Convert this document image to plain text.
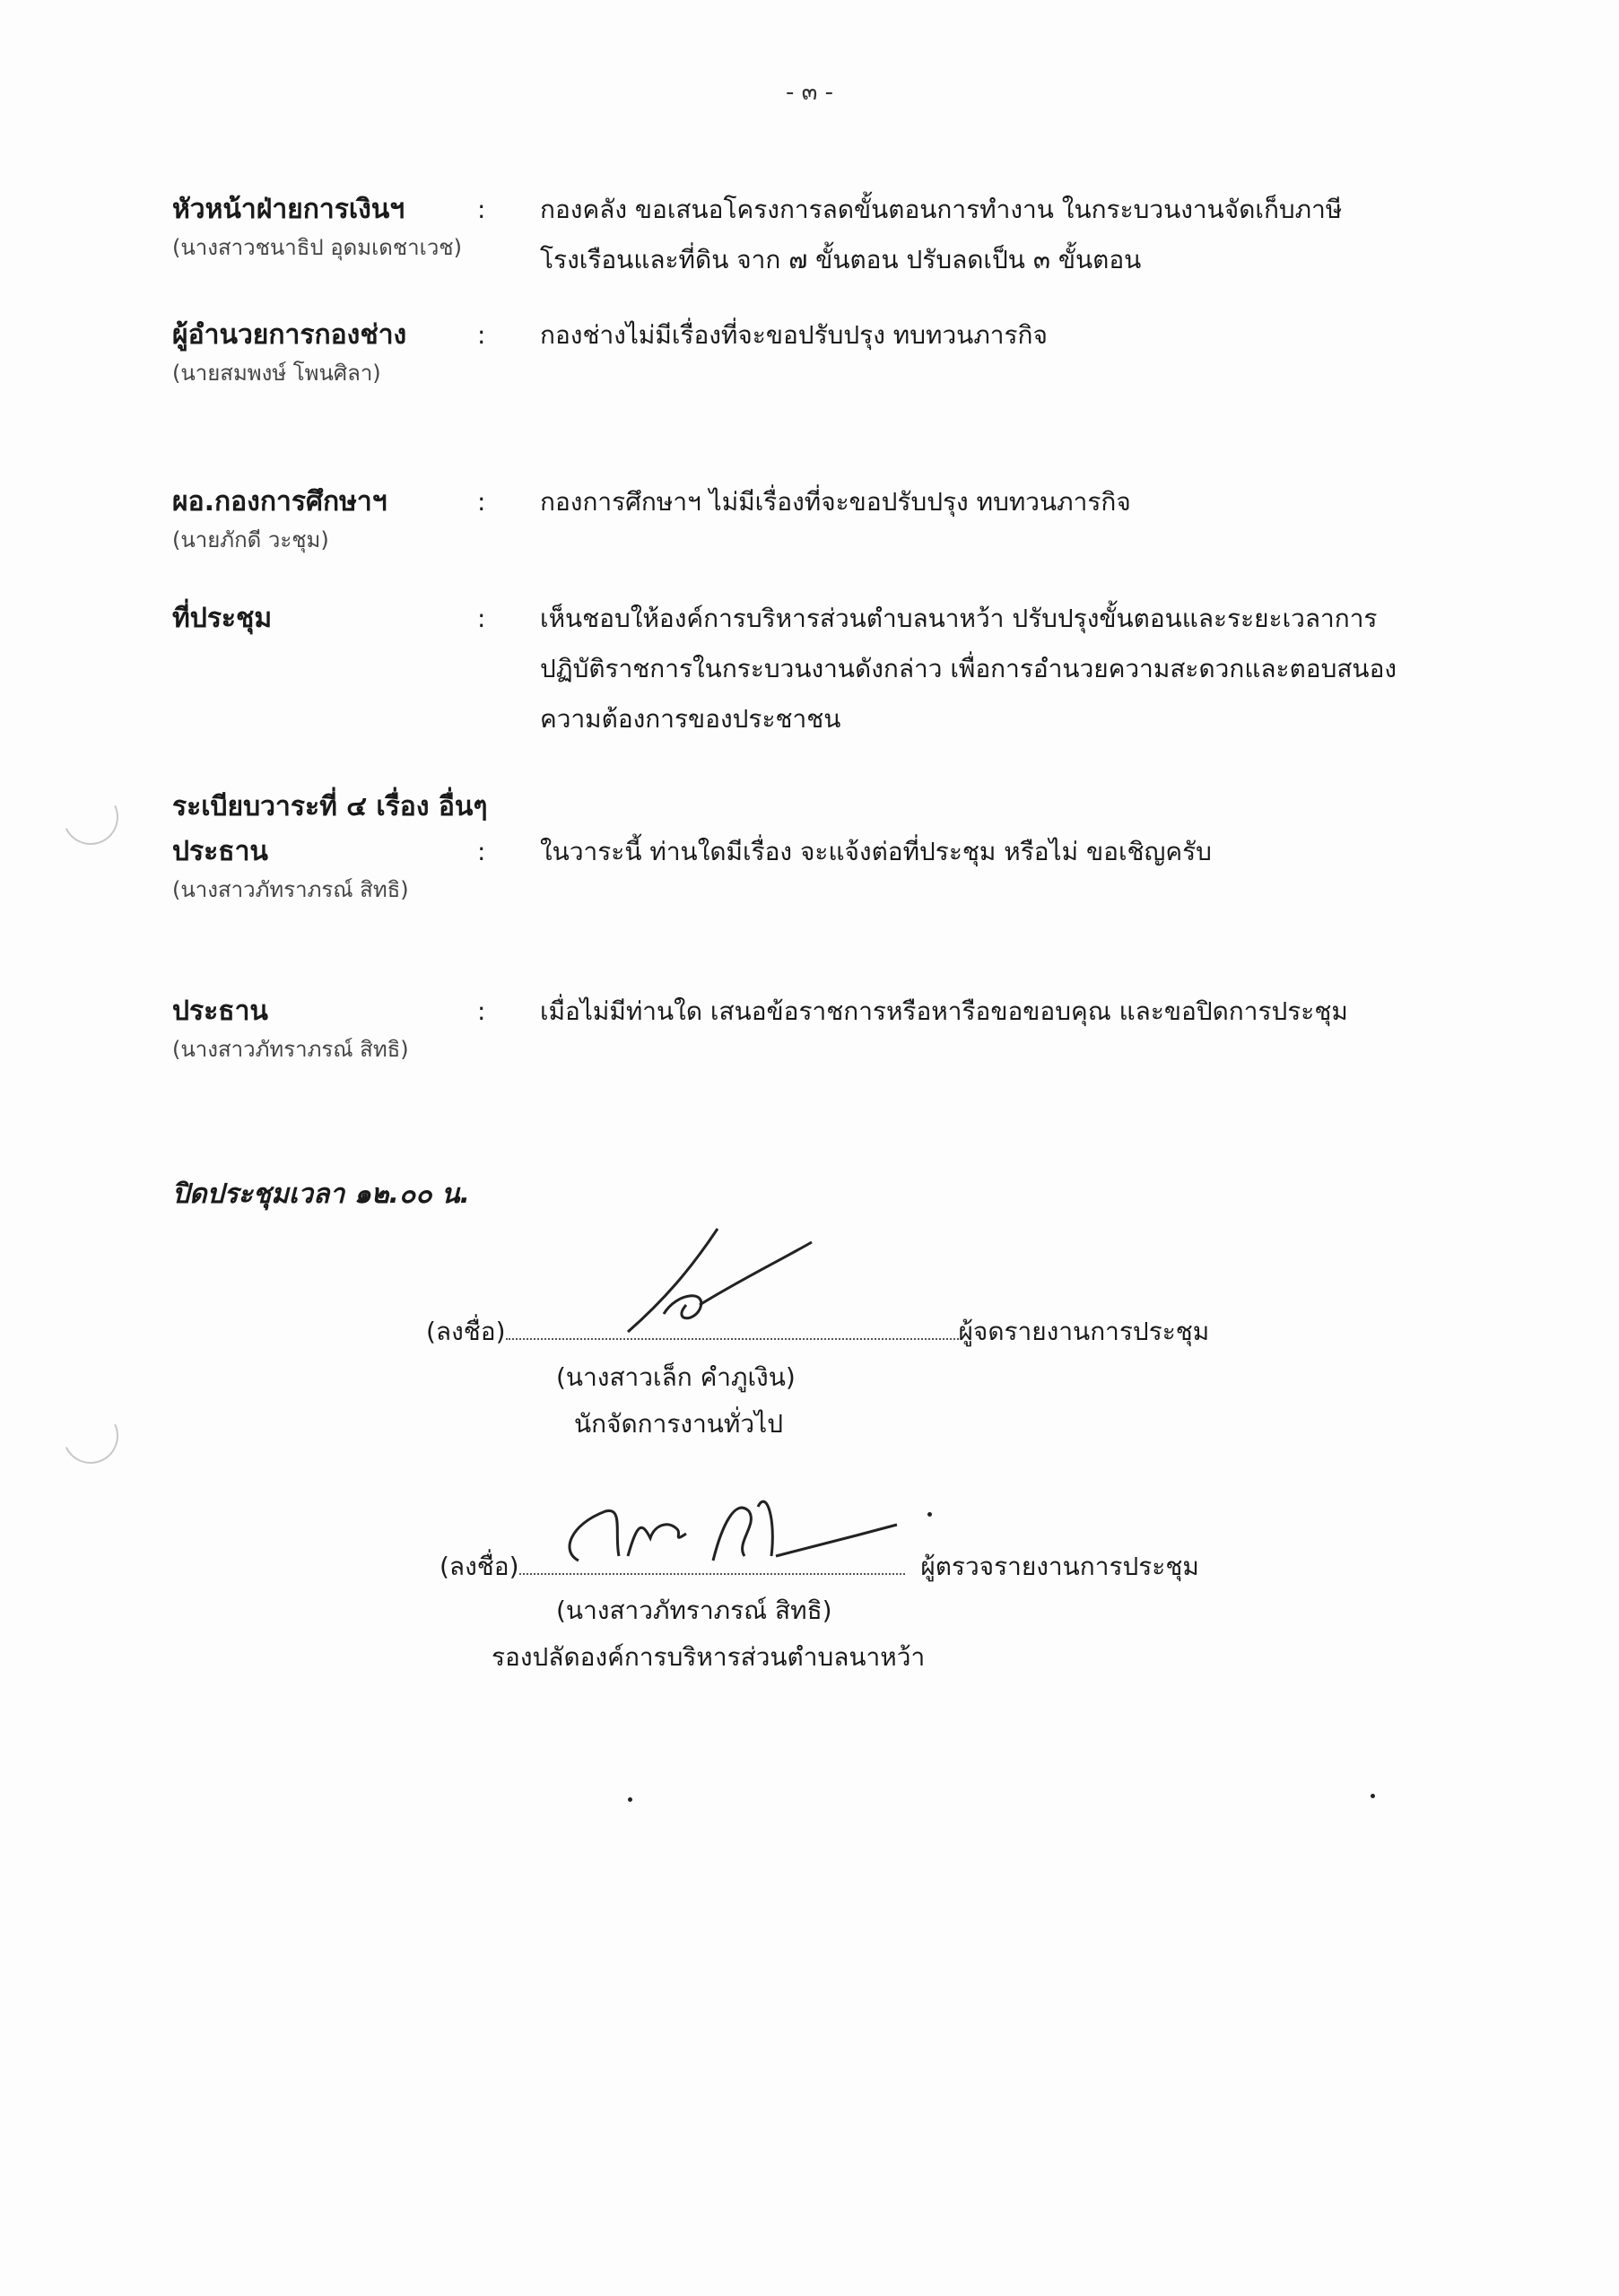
- ๓ -
หัวหน้าฝ่ายการเงินฯ
(นางสาวชนาธิป อุดมเดชาเวช)
: กองคลัง ขอเสนอโครงการลดขั้นตอนการทำงาน ในกระบวนงานจัดเก็บภาษี

โรงเรือนและที่ดิน จาก ๗ ขั้นตอน ปรับลดเป็น ๓ ขั้นตอน

ผู้อำนวยการกองช่าง
(นายสมพงษ์ โพนศิลา)
: กองช่างไม่มีเรื่องที่จะขอปรับปรุง ทบทวนภารกิจ

ผอ.กองการศึกษาฯ
(นายภักดี วะชุม)
: กองการศึกษาฯ ไม่มีเรื่องที่จะขอปรับปรุง ทบทวนภารกิจ

ที่ประชุม	: เห็นชอบให้องค์การบริหารส่วนตำบลนาหว้า ปรับปรุงขั้นตอนและระยะเวลาการ

ปฏิบัติราชการในกระบวนงานดังกล่าว เพื่อการอำนวยความสะดวกและตอบสนอง

ความต้องการของประชาชน

ระเบียบวาระที่ ๔ เรื่อง อื่นๆ
ประธาน
(นางสาวภัทราภรณ์ สิทธิ)
: ในวาระนี้ ท่านใดมีเรื่อง จะแจ้งต่อที่ประชุม หรือไม่ ขอเชิญครับ

ประธาน
(นางสาวภัทราภรณ์ สิทธิ)
: เมื่อไม่มีท่านใด เสนอข้อราชการหรือหารือขอขอบคุณ และขอปิดการประชุม

ปิดประชุมเวลา ๑๒.๐๐ น.
(ลงชื่อ)	ผู้จดรายงานการประชุม
(นางสาวเล็ก คำภูเงิน)
นักจัดการงานทั่วไป
(ลงชื่อ)	ผู้ตรวจรายงานการประชุม
(นางสาวภัทราภรณ์ สิทธิ)
รองปลัดองค์การบริหารส่วนตำบลนาหว้า
